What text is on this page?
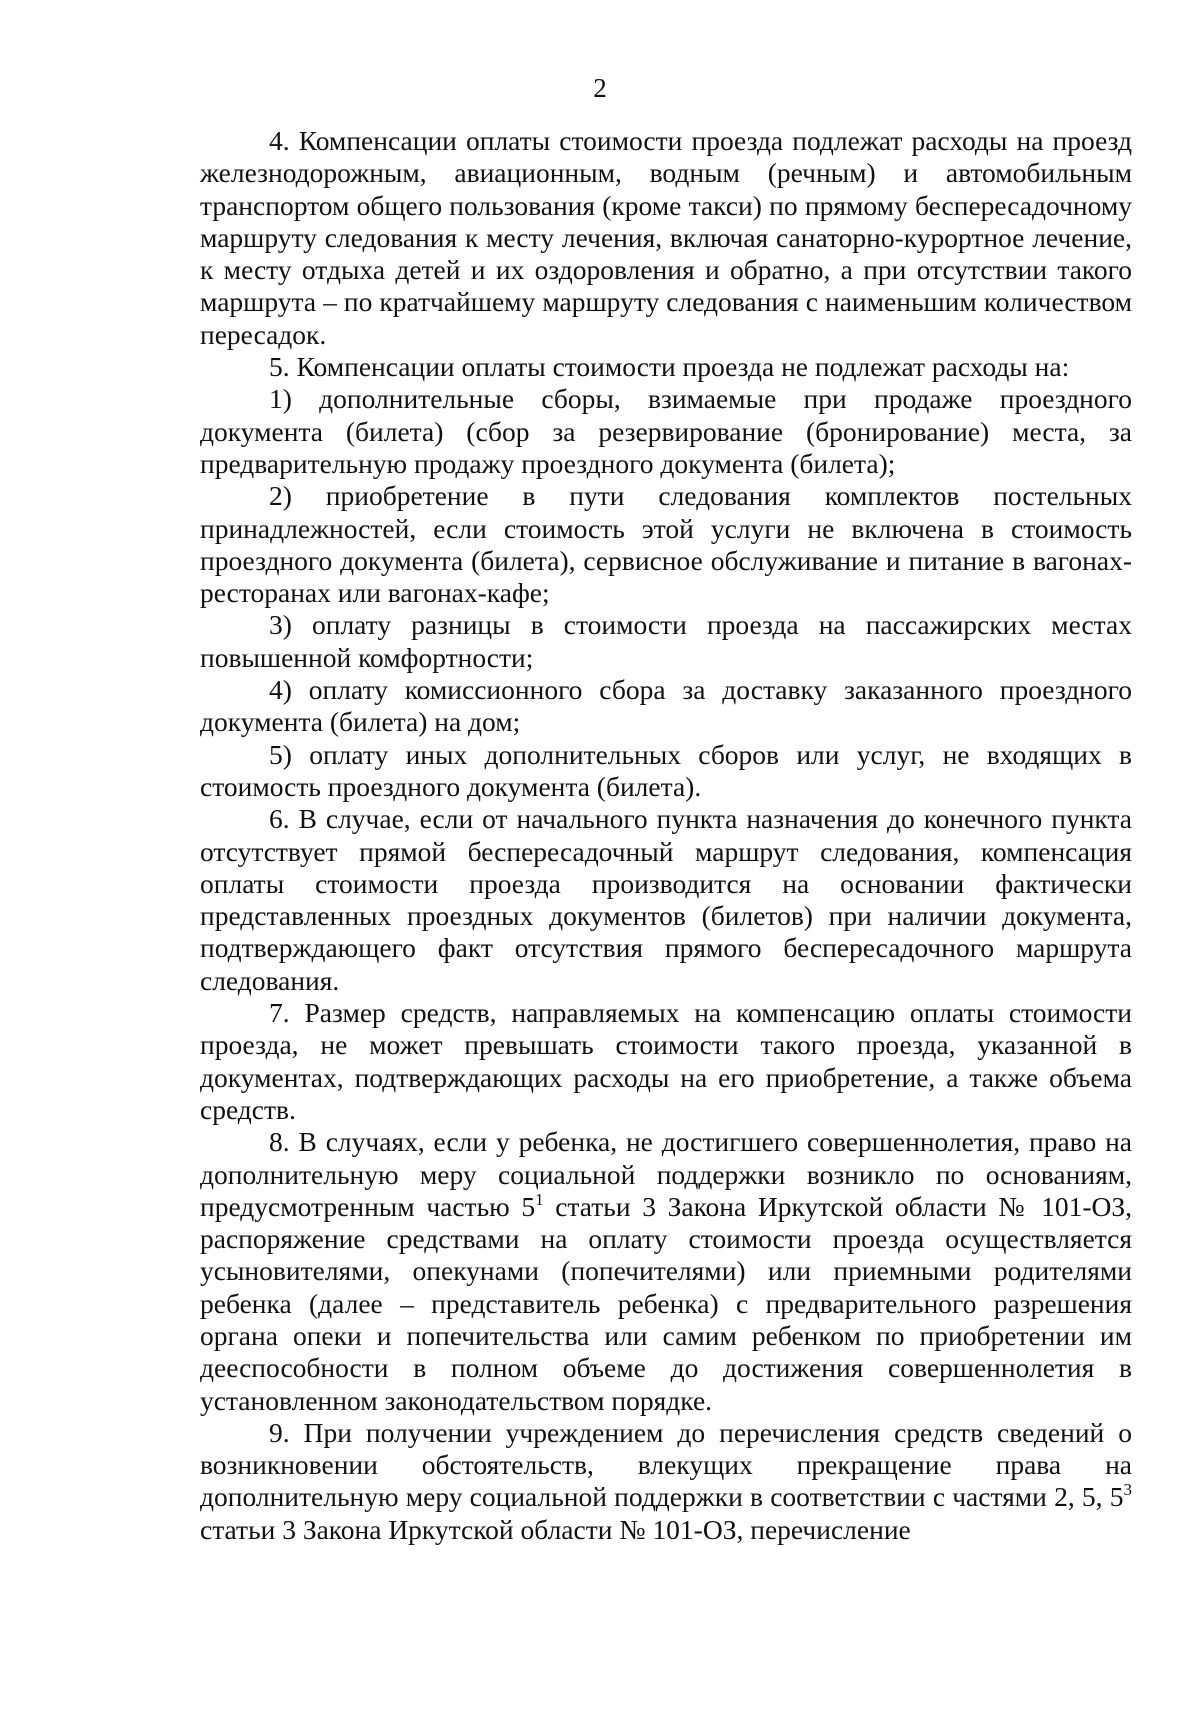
2

4. Компенсации оплаты стоимости проезда подлежат расходы на проезд железнодорожным, авиационным, водным (речным) и автомобильным транспортом общего пользования (кроме такси) по прямому беспересадочному маршруту следования к месту лечения, включая санаторно-курортное лечение, к месту отдыха детей и их оздоровления и обратно, а при отсутствии такого маршрута – по кратчайшему маршруту следования с наименьшим количеством пересадок.

5. Компенсации оплаты стоимости проезда не подлежат расходы на:

1) дополнительные сборы, взимаемые при продаже проездного документа (билета) (сбор за резервирование (бронирование) места, за предварительную продажу проездного документа (билета);

2) приобретение в пути следования комплектов постельных принадлежностей, если стоимость этой услуги не включена в стоимость проездного документа (билета), сервисное обслуживание и питание в вагонах-ресторанах или вагонах-кафе;

3) оплату разницы в стоимости проезда на пассажирских местах повышенной комфортности;

4) оплату комиссионного сбора за доставку заказанного проездного документа (билета) на дом;

5) оплату иных дополнительных сборов или услуг, не входящих в стоимость проездного документа (билета).

6. В случае, если от начального пункта назначения до конечного пункта отсутствует прямой беспересадочный маршрут следования, компенсация оплаты стоимости проезда производится на основании фактически представленных проездных документов (билетов) при наличии документа, подтверждающего факт отсутствия прямого беспересадочного маршрута следования.

7. Размер средств, направляемых на компенсацию оплаты стоимости проезда, не может превышать стоимости такого проезда, указанной в документах, подтверждающих расходы на его приобретение, а также объема средств.

8. В случаях, если у ребенка, не достигшего совершеннолетия, право на дополнительную меру социальной поддержки возникло по основаниям, предусмотренным частью $5^1$ статьи 3 Закона Иркутской области № 101-ОЗ, распоряжение средствами на оплату стоимости проезда осуществляется усыновителями, опекунами (попечителями) или приемными родителями ребенка (далее – представитель ребенка) с предварительного разрешения органа опеки и попечительства или самим ребенком по приобретении им дееспособности в полном объеме до достижения совершеннолетия в установленном законодательством порядке.

9. При получении учреждением до перечисления средств сведений о возникновении обстоятельств, влекущих прекращение права на дополнительную меру социальной поддержки в соответствии с частями 2, 5, $5^3$ статьи 3 Закона Иркутской области № 101-ОЗ, перечисление
